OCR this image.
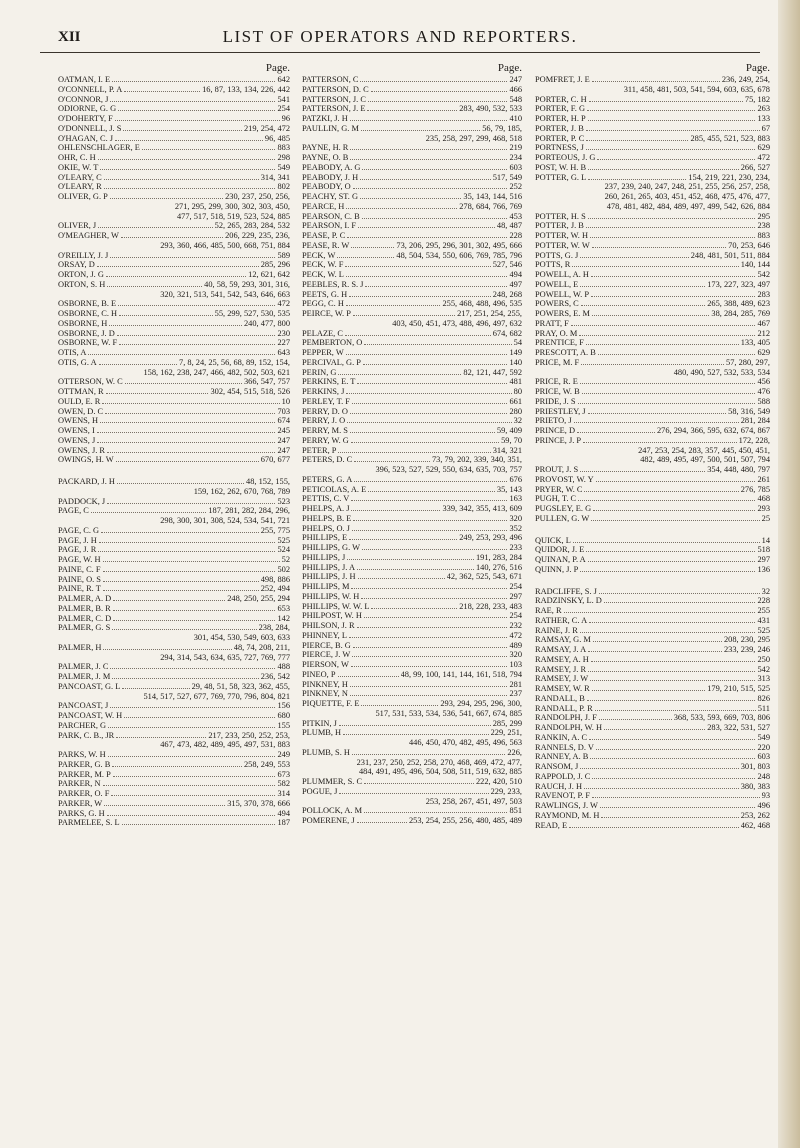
XII	LIST OF OPERATORS AND REPORTERS.
Page.
OATMAN, I. E	642
O'CONNELL, P. A	16, 87, 133, 134, 226, 442
O'CONNOR, J	541
ODIORNE, G. G	254
O'DOHERTY, F	96
O'DONNELL, J. S	219, 254, 472
O'HAGAN, C. J	96, 485
OHLENSCHLAGER, E	883
OHR, C. H	298
OKIE, W. T	549
O'LEARY, C	314, 341
O'LEARY, R	802
OLIVER, G. P	230, 237, 250, 256,
271, 295, 299, 300, 302, 303, 450,
477, 517, 518, 519, 523, 524, 885
OLIVER, J	52, 265, 283, 284, 532
O'MEAGHER, W	206, 229, 235, 236,
293, 360, 466, 485, 500, 668, 751, 884
O'REILLY, J. J	589
ORSAY, D	285, 296
ORTON, J. G	12, 621, 642
ORTON, S. H	40, 58, 59, 293, 301, 316,
320, 321, 513, 541, 542, 543, 646, 663
OSBORNE, B. E	472
OSBORNE, C. H	55, 299, 527, 530, 535
OSBORNE, H	240, 477, 800
OSBORNE, J. D	230
OSBORNE, W. F	227
OTIS, A	643
OTIS, G. A	7, 8, 24, 25, 56, 68, 89, 152, 154,
158, 162, 238, 247, 466, 482, 502, 503, 621
OTTERSON, W. C	366, 547, 757
OTTMAN, R	302, 454, 515, 518, 526
OULD, E. R	10
OWEN, D. C	703
OWENS, H	674
OWENS, I	245
OWENS, J	247
OWENS, J. R	247
OWINGS, H. W	670, 677
PACKARD, J. H	48, 152, 155,
159, 162, 262, 670, 768, 789
PADDOCK, J	523
PAGE, C	187, 281, 282, 284, 296,
298, 300, 301, 308, 524, 534, 541, 721
PAGE, C. G	255, 775
PAGE, J. H	525
PAGE, J. R	524
PAGE, W. H	52
PAINE, C. F	502
PAINE, O. S	498, 886
PAINE, R. T	252, 494
PALMER, A. D	248, 250, 255, 294
PALMER, B. R	653
PALMER, C. D	142
PALMER, G. S	238, 284,
301, 454, 530, 549, 603, 633
PALMER, H	48, 74, 208, 211,
294, 314, 543, 634, 635, 727, 769, 777
PALMER, J. C	488
PALMER, J. M	236, 542
PANCOAST, G. L	29, 48, 51, 58, 323, 362, 455,
514, 517, 527, 677, 769, 770, 796, 804, 821
PANCOAST, J	156
PANCOAST, W. H	680
PARCHER, G	155
PARK, C. B., JR	217, 233, 250, 252, 253,
467, 473, 482, 489, 495, 497, 531, 883
PARKS, W. H	249
PARKER, G. B	258, 249, 553
PARKER, M. P	673
PARKER, N	582
PARKER, O. F	314
PARKER, W	315, 370, 378, 666
PARKS, G. H	494
PARMELEE, S. L	187
Page.
PATTERSON, C	247
PATTERSON, D. C	466
PATTERSON, J. C	548
PATTERSON, J. E	283, 490, 532, 533
PATZKI, J. H	410
PAULLIN, G. M	56, 79, 185,
235, 258, 297, 299, 468, 518
PAYNE, H. R	219
PAYNE, O. B	234
PEABODY, A. G	603
PEABODY, J. H	517, 549
PEABODY, O	252
PEACHY, ST. G	35, 143, 144, 516
PEARCE, H	278, 684, 766, 769
PEARSON, C. B	453
PEARSON, I. F	48, 487
PEASE, P. C	228
PEASE, R. W	73, 206, 295, 296, 301, 302, 495, 666
PECK, W	48, 504, 534, 550, 606, 769, 785, 796
PECK, W. F	527, 546
PECK, W. L	494
PEEBLES, R. S. J	497
PEETS, G. H	248, 268
PEGG, C. H	255, 468, 488, 496, 535
PEIRCE, W. P	217, 251, 254, 255,
403, 450, 451, 473, 488, 496, 497, 632
PELAZE, C	674, 682
PEMBERTON, O	54
PEPPER, W	149
PERCIVAL, G. P	140
PERIN, G	82, 121, 447, 592
PERKINS, E. T	481
PERKINS, J	80
PERLEY, T. F	661
PERRY, D. O	280
PERRY, J. O	32
PERRY, M. S	59, 409
PERRY, W. G	59, 70
PETER, P	314, 321
PETERS, D. C	73, 79, 202, 339, 340, 351,
396, 523, 527, 529, 550, 634, 635, 703, 757
PETERS, G. A	676
PETICOLAS, A. E	35, 143
PETTIS, C. V	163
PHELPS, A. J	339, 342, 355, 413, 609
PHELPS, B. E	320
PHELPS, O. J	352
PHILLIPS, E	249, 253, 293, 496
PHILLIPS, G. W	233
PHILLIPS, J	191, 283, 284
PHILLIPS, J. A	140, 276, 516
PHILLIPS, J. H	42, 362, 525, 543, 671
PHILLIPS, M	254
PHILLIPS, W. H	297
PHILLIPS, W. W. L	218, 228, 233, 483
PHILPOST, W. H	254
PHILSON, J. R	232
PHINNEY, L	472
PIERCE, B. G	489
PIERCE, J. W	320
PIERSON, W	103
PINEO, P	48, 99, 100, 141, 144, 161, 518, 794
PINKNEY, H	281
PINKNEY, N	237
PIQUETTE, F. E	293, 294, 295, 296, 300,
517, 531, 533, 534, 536, 541, 667, 674, 885
PITKIN, J	285, 299
PLUMB, H	229, 251,
446, 450, 470, 482, 495, 496, 563
PLUMB, S. H	226,
231, 237, 250, 252, 258, 270, 468, 469, 472, 477,
484, 491, 495, 496, 504, 508, 511, 519, 632, 885
PLUMMER, S. C	222, 420, 510
POGUE, J	229, 233,
253, 258, 267, 451, 497, 503
POLLOCK, A. M	851
POMERENE, J	253, 254, 255, 256, 480, 485, 489
Page.
POMFRET, J. E	236, 249, 254,
311, 458, 481, 503, 541, 594, 603, 635, 678
PORTER, C. H	75, 182
PORTER, F. G	263
PORTER, H. P	133
PORTER, J. B	67
PORTER, P. C	285, 455, 521, 523, 883
PORTNESS, J	629
PORTEOUS, J. G	472
POST, W. H. B	266, 527
POTTER, G. L	154, 219, 221, 230, 234,
237, 239, 240, 247, 248, 251, 255, 256, 257, 258,
260, 261, 265, 403, 451, 452, 468, 475, 476, 477,
478, 481, 482, 484, 489, 497, 499, 542, 626, 884
POTTER, H. S	295
POTTER, J. B	238
POTTER, W. H	883
POTTER, W. W	70, 253, 646
POTTS, G. J	248, 481, 501, 511, 884
POTTS, R	140, 144
POWELL, A. H	542
POWELL, E	173, 227, 323, 497
POWELL, W. P	283
POWERS, C	265, 388, 489, 623
POWERS, E. M	38, 284, 285, 769
PRATT, F	467
PRAY, O. M	212
PRENTICE, F	133, 405
PRESCOTT, A. B	629
PRICE, M. F	57, 280, 297,
480, 490, 527, 532, 533, 534
PRICE, R. E	456
PRICE, W. B	476
PRIDE, J. S	588
PRIESTLEY, J	58, 316, 549
PRIETO, J	281, 284
PRINCE, D	276, 294, 366, 595, 632, 674, 867
PRINCE, J. P	172, 228,
247, 253, 254, 283, 357, 445, 450, 451,
482, 489, 495, 497, 500, 501, 507, 794
PROUT, J. S	354, 448, 480, 797
PROVOST, W. Y	261
PRYER, W. C	276, 785
PUGH, T. C	468
PUGSLEY, E. G	293
PULLEN, G. W	25
QUICK, L	14
QUIDOR, J. E	518
QUINAN, P. A	297
QUINN, J. P	136
RADCLIFFE, S. J	32
RADZINSKY, L. D	228
RAE, R	255
RATHER, C. A	431
RAINE, J. R	525
RAMSAY, G. M	208, 230, 295
RAMSAY, J. A	233, 239, 246
RAMSEY, A. H	250
RAMSEY, J. R	542
RAMSEY, J. W	313
RAMSEY, W. R	179, 210, 515, 525
RANDALL, B	826
RANDALL, P. R	511
RANDOLPH, J. F	368, 533, 593, 669, 703, 806
RANDOLPH, W. H	283, 322, 531, 527
RANKIN, A. C	549
RANNELS, D. V	220
RANNEY, A. B	603
RANSOM, J	301, 803
RAPPOLD, J. C	248
RAUCH, J. H	380, 383
RAVENOT, P. F	93
RAWLINGS, J. W	496
RAYMOND, M. H	253, 262
READ, E	462, 468
